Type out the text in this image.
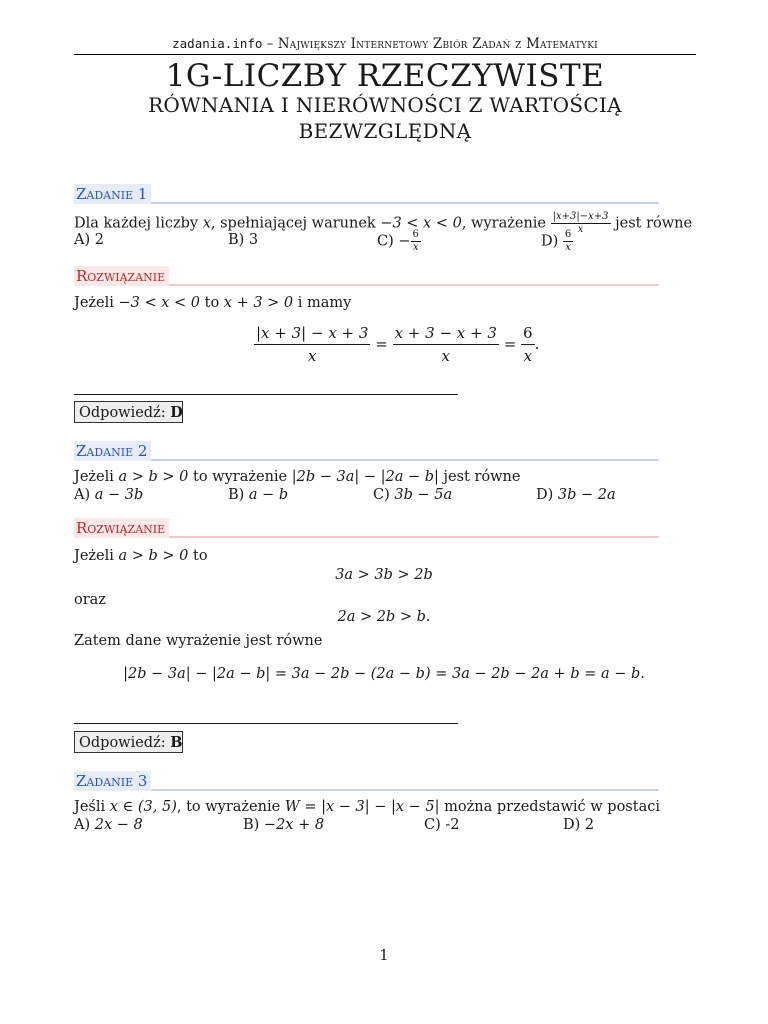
zadania.info – Największy Internetowy Zbiór Zadań z Matematyki
1G-LICZBY RZECZYWISTE
RÓWNANIA I NIERÓWNOŚCI Z WARTOŚCIĄ
BEZWZGLĘDNĄ
Zadanie 1
Dla każdej liczby x, spełniającej warunek −3 < x < 0, wyrażenie $\frac{|x+3|-x+3}{x}$ jest równe
A) 2	B) 3	$C) - \frac{6}{x}$	$D) \frac{6}{x}$
Rozwiązanie
Jeżeli −3 < x < 0 to x + 3 > 0 i mamy
$\frac{|x + 3| - x + 3}{x} = \frac{x + 3 - x + 3}{x} = \frac{6}{x}$ .
Odpowiedź: D
Zadanie 2
Jeżeli a > b > 0 to wyrażenie |2b − 3a| − |2a − b| jest równe
A) a − 3b	B) a − b	C) 3b − 5a	D) 3b − 2a
Rozwiązanie
Jeżeli a > b > 0 to
3a > 3b > 2b
oraz
2a > 2b > b.
Zatem dane wyrażenie jest równe
|2b − 3a| − |2a − b| = 3a − 2b − (2a − b) = 3a − 2b − 2a + b = a − b.
Odpowiedź: B
Zadanie 3
Jeśli x ∈ (3, 5), to wyrażenie W = |x − 3| − |x − 5| można przedstawić w postaci
A) 2x − 8	B) −2x + 8	C) -2	D) 2
1
